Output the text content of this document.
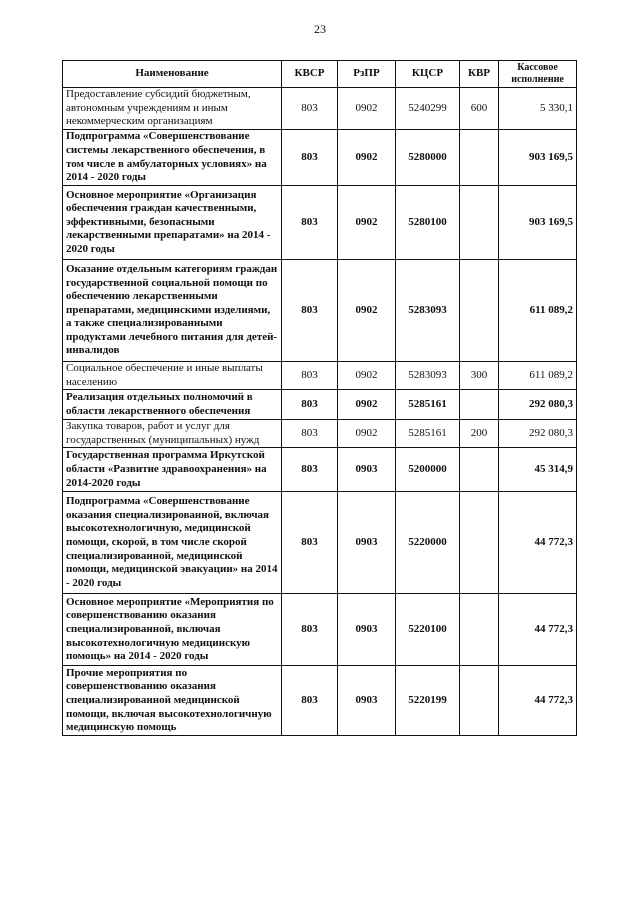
23
Наименование	КВСР	РзПР	КЦСР	КВР	Кассовое исполнение
Предоставление субсидий бюджетным, автономным учреждениям и иным некоммерческим организациям	803	0902	5240299	600	5 330,1
Подпрограмма «Совершенствование системы лекарственного обеспечения, в том числе в амбулаторных условиях» на 2014 - 2020 годы	803	0902	5280000		903 169,5
Основное мероприятие «Организация обеспечения граждан качественными, эффективными, безопасными лекарственными препаратами» на 2014 - 2020 годы	803	0902	5280100		903 169,5
Оказание отдельным категориям граждан государственной социальной помощи по обеспечению лекарственными препаратами, медицинскими изделиями, а также специализированными продуктами лечебного питания для детей-инвалидов	803	0902	5283093		611 089,2
Социальное обеспечение и иные выплаты населению	803	0902	5283093	300	611 089,2
Реализация отдельных полномочий в области лекарственного обеспечения	803	0902	5285161		292 080,3
Закупка товаров, работ и услуг для государственных (муниципальных) нужд	803	0902	5285161	200	292 080,3
Государственная программа Иркутской области «Развитие здравоохранения» на 2014-2020 годы	803	0903	5200000		45 314,9
Подпрограмма «Совершенствование оказания специализированной, включая высокотехнологичную, медицинской помощи, скорой, в том числе скорой специализированной, медицинской помощи, медицинской эвакуации» на 2014 - 2020 годы	803	0903	5220000		44 772,3
Основное мероприятие «Мероприятия по совершенствованию оказания специализированной, включая высокотехнологичную медицинскую помощь» на 2014 - 2020 годы	803	0903	5220100		44 772,3
Прочие мероприятия по совершенствованию оказания специализированной медицинской помощи, включая высокотехнологичную медицинскую помощь	803	0903	5220199		44 772,3
